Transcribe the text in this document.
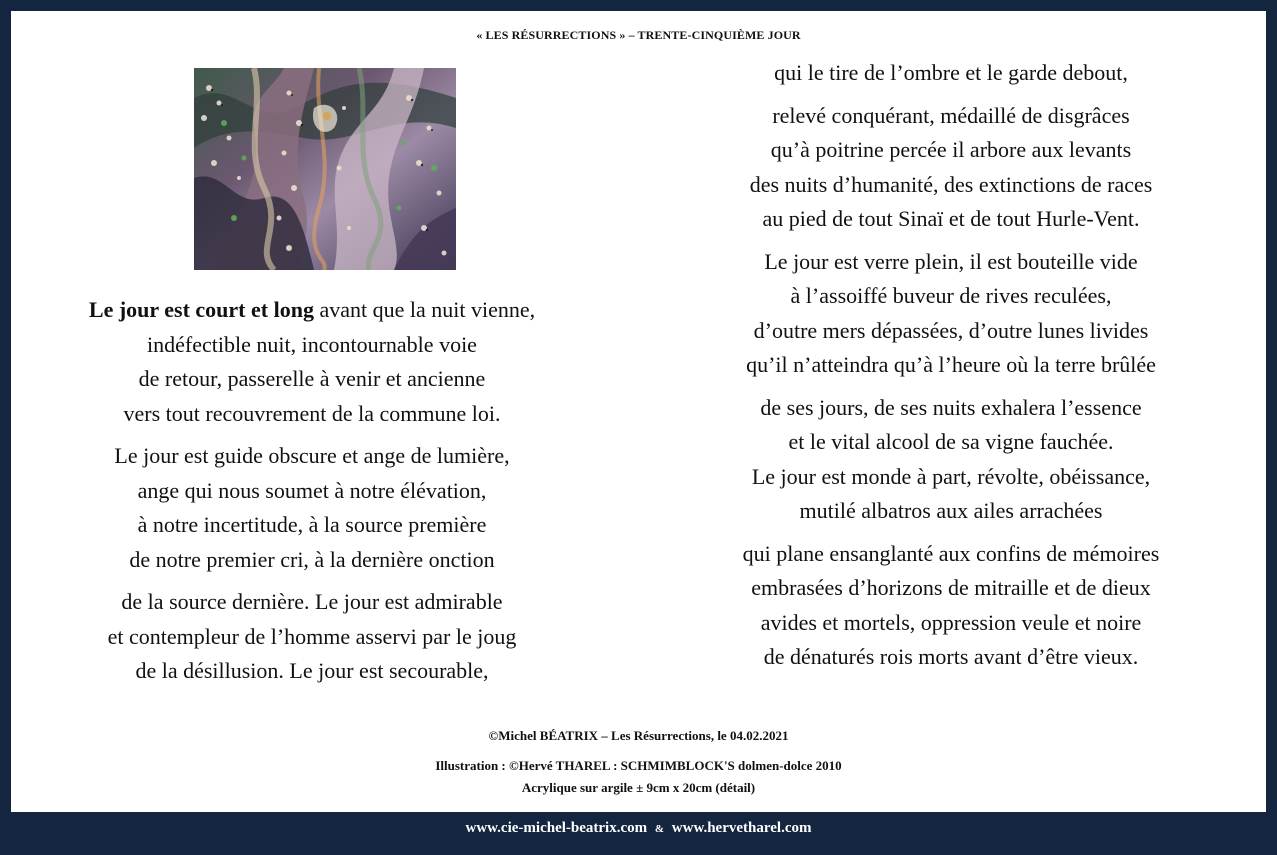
« LES RÉSURRECTIONS » – TRENTE-CINQUIÈME JOUR
Le jour est court et long avant que la nuit vienne,
indéfectible nuit, incontournable voie
de retour, passerelle à venir et ancienne
vers tout recouvrement de la commune loi.
Le jour est guide obscure et ange de lumière,
ange qui nous soumet à notre élévation,
à notre incertitude, à la source première
de notre premier cri, à la dernière onction
de la source dernière. Le jour est admirable
et contempleur de l’homme asservi par le joug
de la désillusion. Le jour est secourable,
qui le tire de l’ombre et le garde debout,
relevé conquérant, médaillé de disgrâces
qu’à poitrine percée il arbore aux levants
des nuits d’humanité, des extinctions de races
au pied de tout Sinaï et de tout Hurle-Vent.
Le jour est verre plein, il est bouteille vide
à l’assoiffé buveur de rives reculées,
d’outre mers dépassées, d’outre lunes livides
qu’il n’atteindra qu’à l’heure où la terre brûlée
de ses jours, de ses nuits exhalera l’essence
et le vital alcool de sa vigne fauchée.
Le jour est monde à part, révolte, obéissance,
mutilé albatros aux ailes arrachées
qui plane ensanglanté aux confins de mémoires
embrasées d’horizons de mitraille et de dieux
avides et mortels, oppression veule et noire
de dénaturés rois morts avant d’être vieux.
©Michel BÉATRIX – Les Résurrections, le 04.02.2021
Illustration : ©Hervé THAREL : SCHMIMBLOCK'S dolmen-dolce 2010
Acrylique sur argile ± 9cm x 20cm (détail)
www.cie-michel-beatrix.com & www.hervetharel.com
